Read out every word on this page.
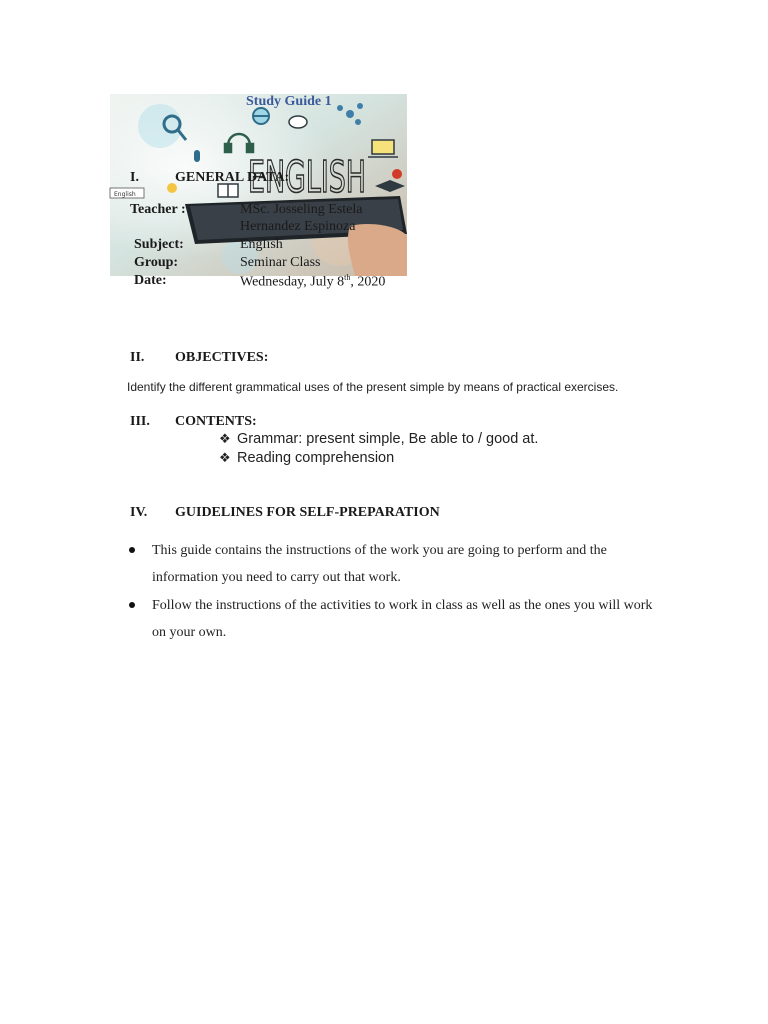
ENGLISH
English
Study Guide 1
I.	GENERAL DATA:
Teacher :	MSc. Josseling Estela
Hernandez Espinoza
Subject:	English
Group:	Seminar Class
Date:	Wednesday, July 8th, 2020
II. OBJECTIVES:
Identify the different grammatical uses of the present simple by means of practical exercises.
III. CONTENTS:
❖ Grammar: present simple, Be able to / good at.
❖ Reading comprehension
IV. GUIDELINES FOR SELF-PREPARATION
This guide contains the instructions of the work you are going to perform and the information you need to carry out that work.
Follow the instructions of the activities to work in class as well as the ones you will work on your own.
